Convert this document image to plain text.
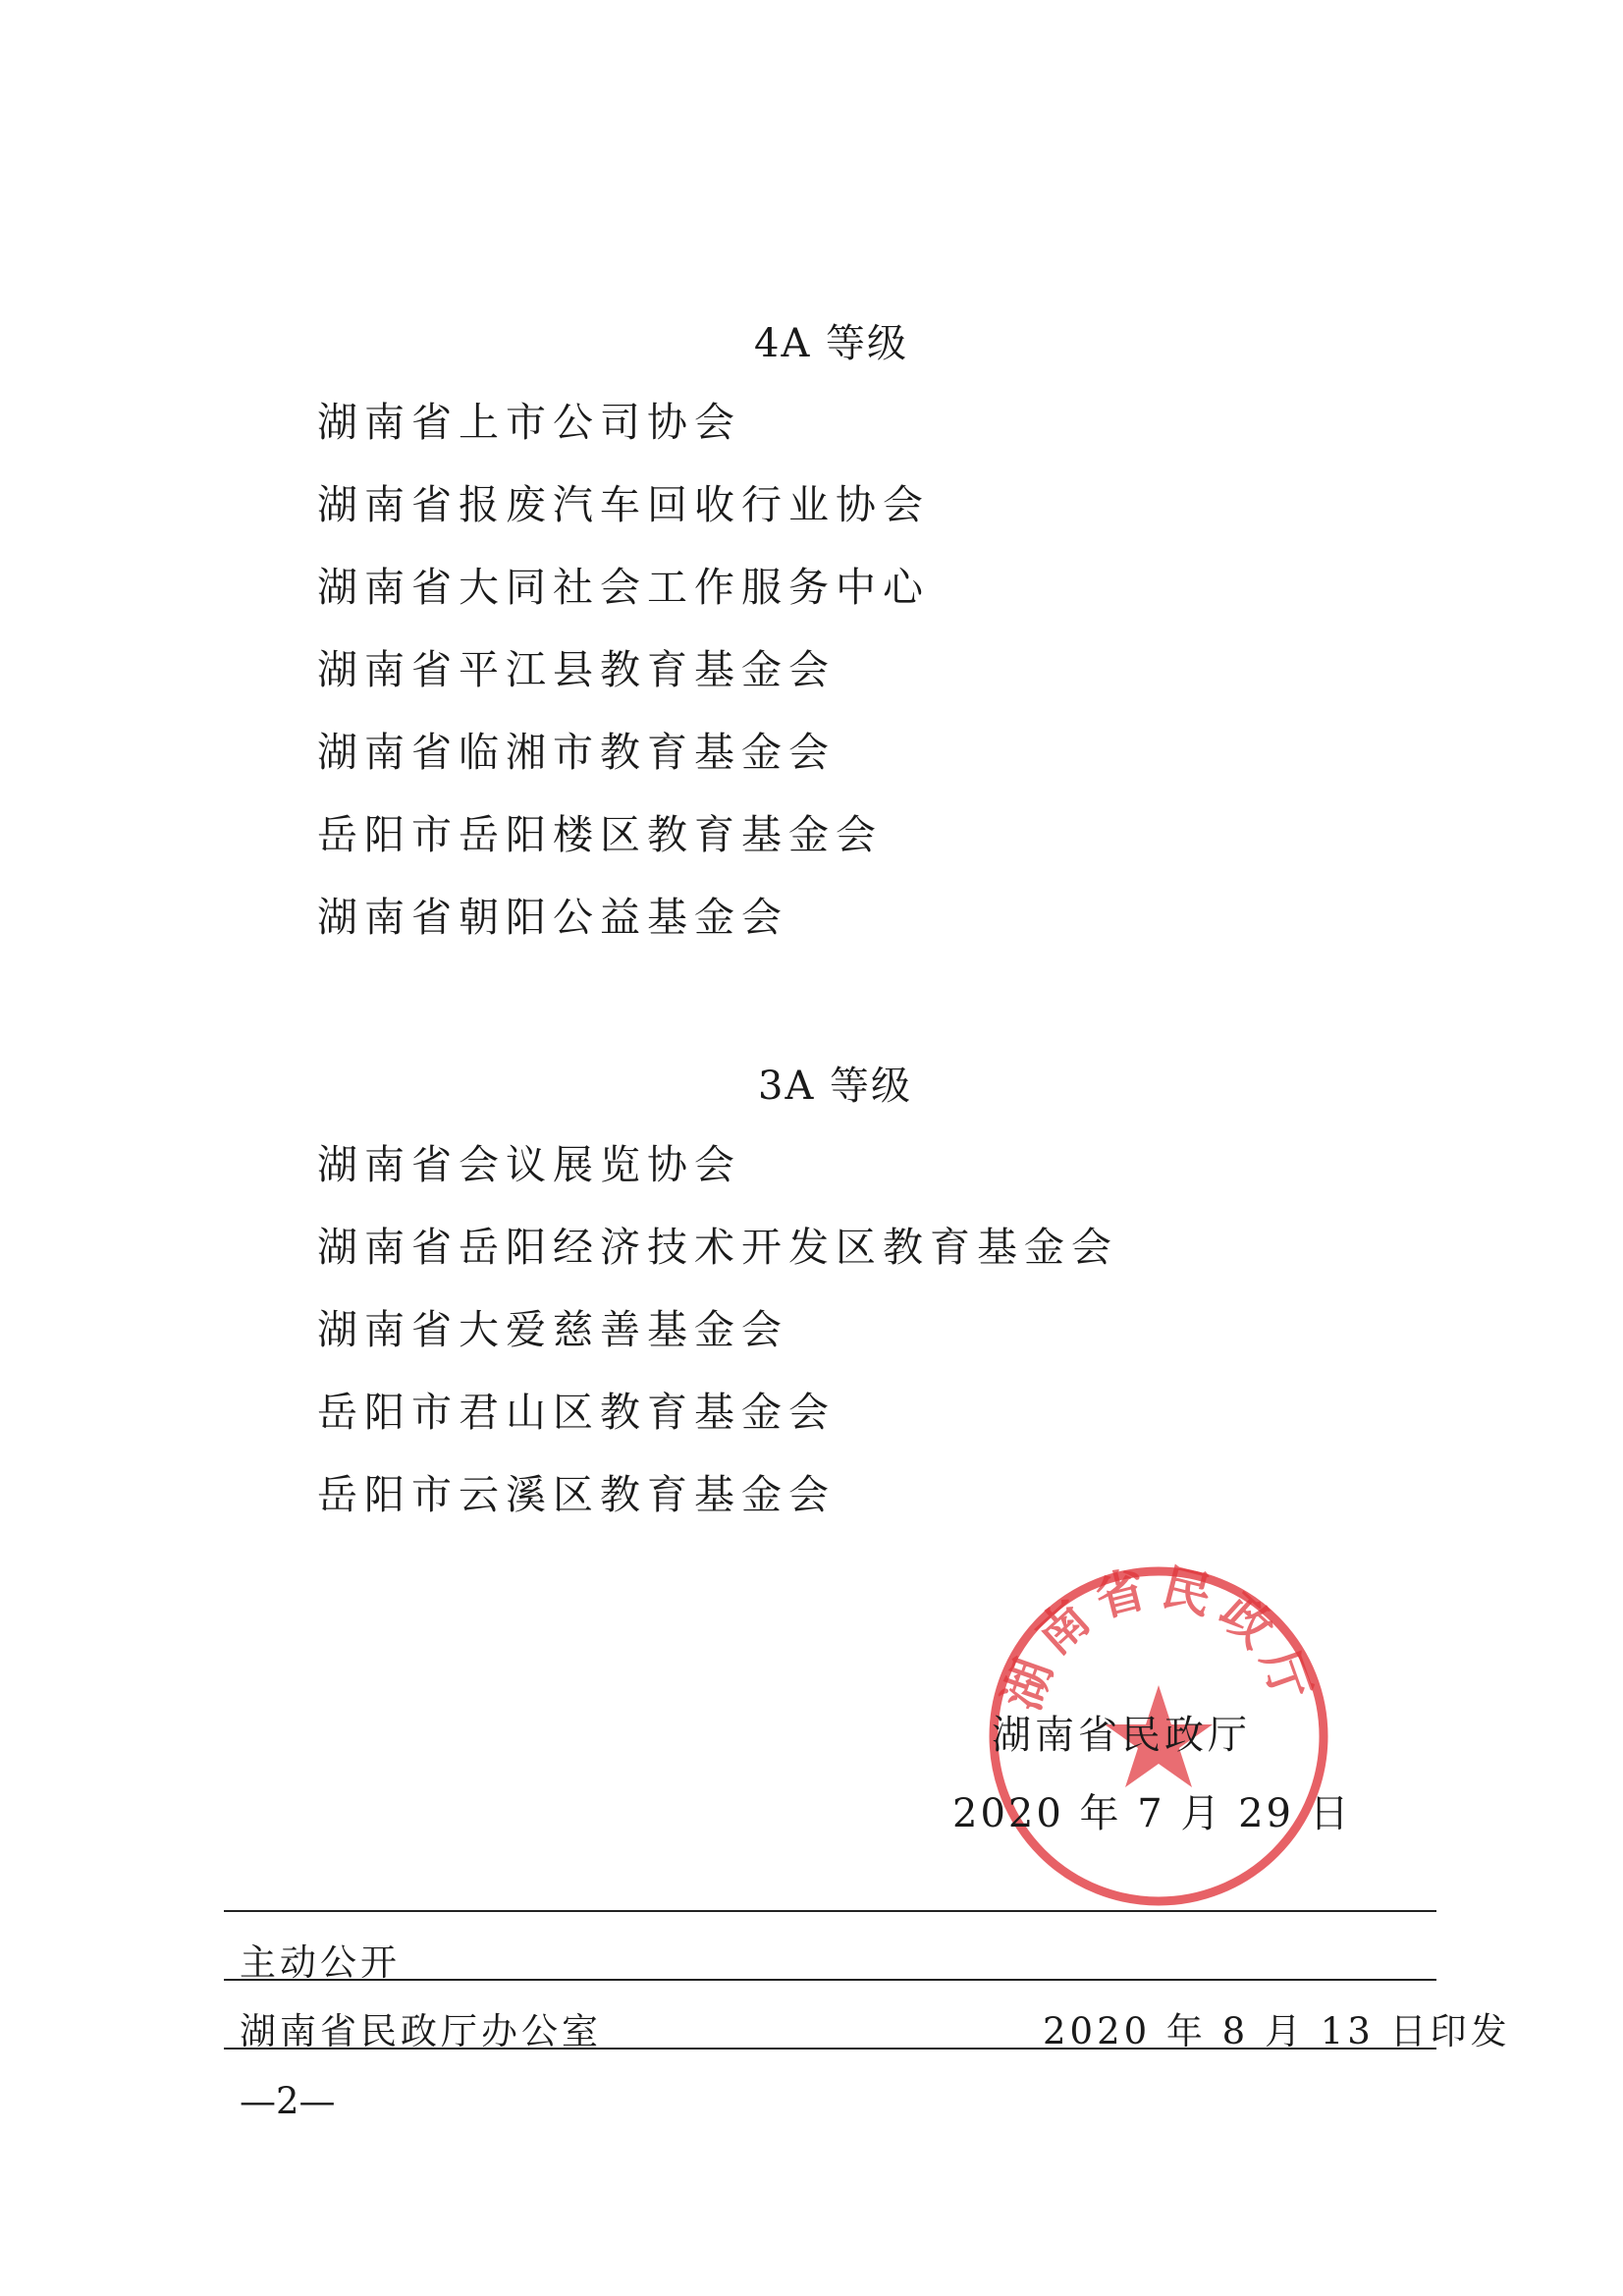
4A 等级
湖南省上市公司协会
湖南省报废汽车回收行业协会
湖南省大同社会工作服务中心
湖南省平江县教育基金会
湖南省临湘市教育基金会
岳阳市岳阳楼区教育基金会
湖南省朝阳公益基金会
3A 等级
湖南省会议展览协会
湖南省岳阳经济技术开发区教育基金会
湖南省大爱慈善基金会
岳阳市君山区教育基金会
岳阳市云溪区教育基金会
湖南省民政厅
湖南省民政厅
2020 年 7 月 29 日
主动公开
湖南省民政厅办公室	2020 年 8 月 13 日印发
—2—
